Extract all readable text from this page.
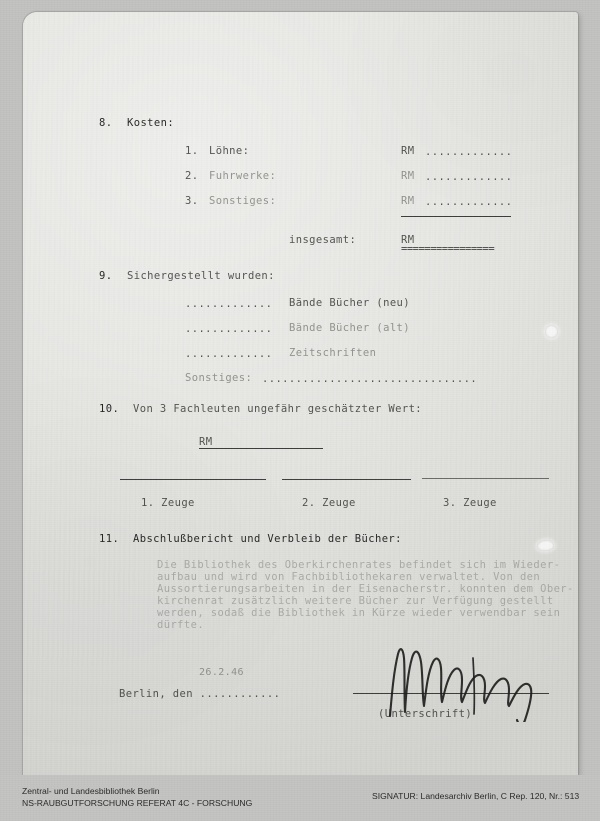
8. Kosten:
1. Löhne:	RM .............
2. Fuhrwerke:	RM .............
3. Sonstiges:	RM .............
insgesamt:	RM
================
9. Sichergestellt wurden:
............. Bände Bücher (neu)
............. Bände Bücher (alt)
............. Zeitschriften
Sonstiges: ................................
10. Von 3 Fachleuten ungefähr geschätzter Wert:
RM
1. Zeuge	2. Zeuge	3. Zeuge
11. Abschlußbericht und Verbleib der Bücher:
Die Bibliothek des Oberkirchenrates befindet sich im Wieder-
aufbau und wird von Fachbibliothekaren verwaltet. Von den
Aussortierungsarbeiten in der Eisenacherstr. konnten dem Ober-
kirchenrat zusätzlich weitere Bücher zur Verfügung gestellt
werden, sodaß die Bibliothek in Kürze wieder verwendbar sein
dürfte.
Berlin, den ............
26.2.46
(Unterschrift)
Zentral- und Landesbibliothek Berlin
NS-RAUBGUTFORSCHUNG REFERAT 4C - FORSCHUNG
SIGNATUR: Landesarchiv Berlin, C Rep. 120, Nr.: 513
